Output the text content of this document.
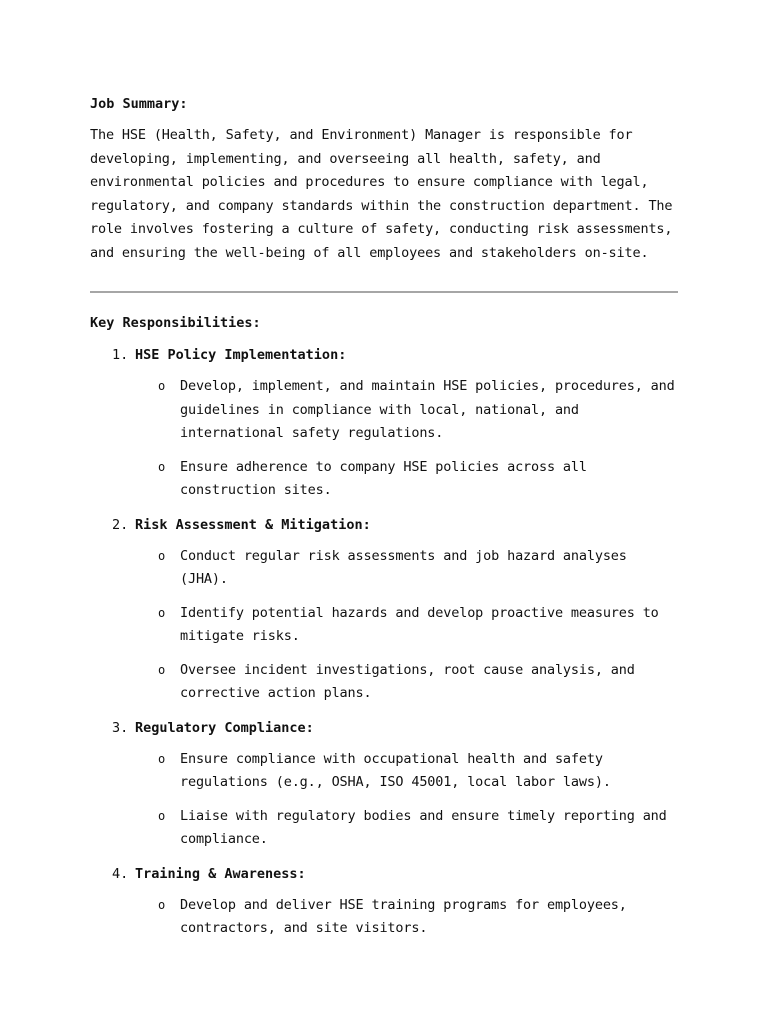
Job Summary:

The HSE (Health, Safety, and Environment) Manager is responsible for developing, implementing, and overseeing all health, safety, and environmental policies and procedures to ensure compliance with legal, regulatory, and company standards within the construction department. The role involves fostering a culture of safety, conducting risk assessments, and ensuring the well-being of all employees and stakeholders on-site.

Key Responsibilities:

1. HSE Policy Implementation:
o Develop, implement, and maintain HSE policies, procedures, and guidelines in compliance with local, national, and international safety regulations.
o Ensure adherence to company HSE policies across all construction sites.
2. Risk Assessment & Mitigation:
o Conduct regular risk assessments and job hazard analyses (JHA).
o Identify potential hazards and develop proactive measures to mitigate risks.
o Oversee incident investigations, root cause analysis, and corrective action plans.
3. Regulatory Compliance:
o Ensure compliance with occupational health and safety regulations (e.g., OSHA, ISO 45001, local labor laws).
o Liaise with regulatory bodies and ensure timely reporting and compliance.
4. Training & Awareness:
o Develop and deliver HSE training programs for employees, contractors, and site visitors.
